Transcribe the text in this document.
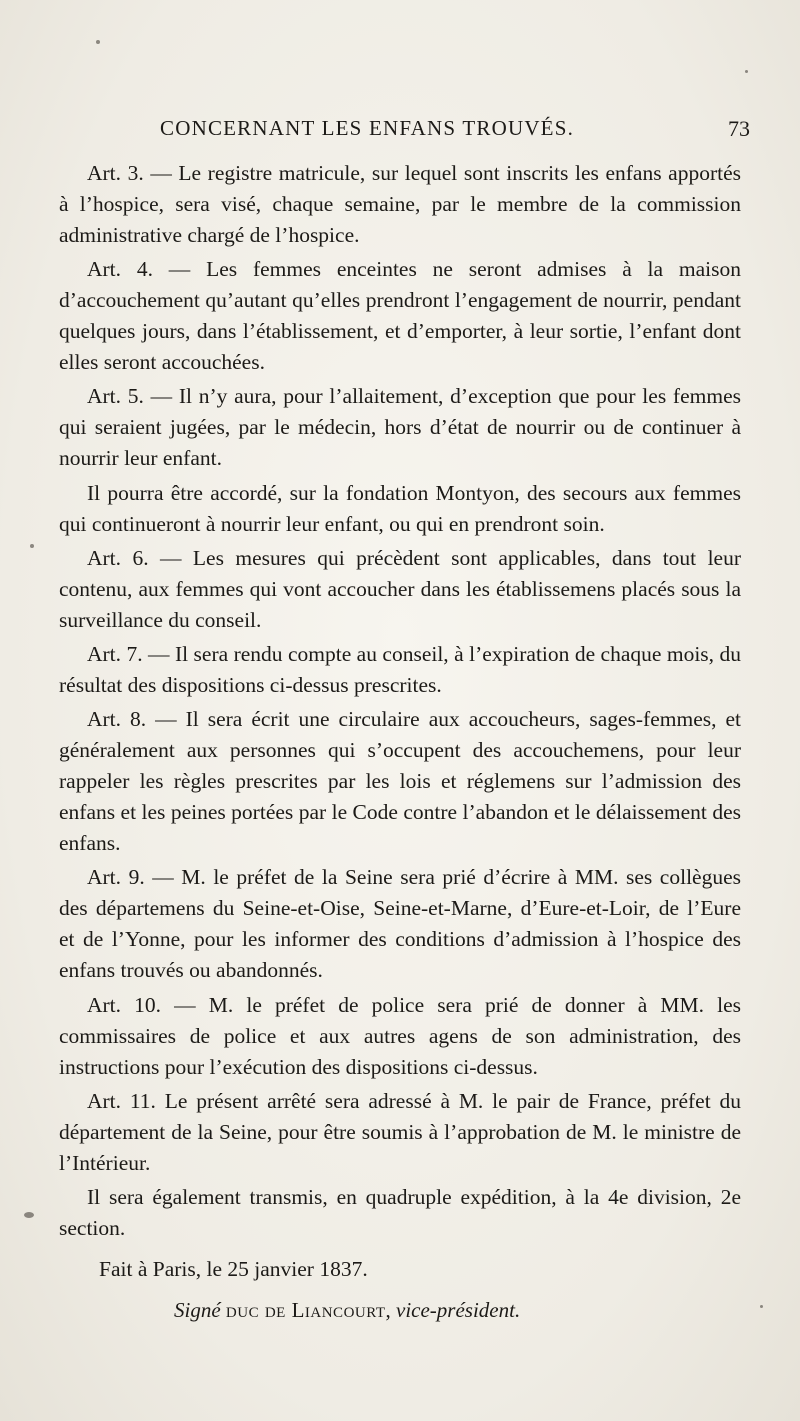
CONCERNANT LES ENFANS TROUVÉS.	73

Art. 3. — Le registre matricule, sur lequel sont inscrits les enfans apportés à l’hospice, sera visé, chaque semaine, par le membre de la commission administrative chargé de l’hospice.

Art. 4. — Les femmes enceintes ne seront admises à la maison d’accouchement qu’autant qu’elles prendront l’engagement de nourrir, pendant quelques jours, dans l’établissement, et d’emporter, à leur sortie, l’enfant dont elles seront accouchées.

Art. 5. — Il n’y aura, pour l’allaitement, d’exception que pour les femmes qui seraient jugées, par le médecin, hors d’état de nourrir ou de continuer à nourrir leur enfant.

Il pourra être accordé, sur la fondation Montyon, des secours aux femmes qui continueront à nourrir leur enfant, ou qui en prendront soin.

Art. 6. — Les mesures qui précèdent sont applicables, dans tout leur contenu, aux femmes qui vont accoucher dans les établissemens placés sous la surveillance du conseil.

Art. 7. — Il sera rendu compte au conseil, à l’expiration de chaque mois, du résultat des dispositions ci-dessus prescrites.

Art. 8. — Il sera écrit une circulaire aux accoucheurs, sages-femmes, et généralement aux personnes qui s’occupent des accouchemens, pour leur rappeler les règles prescrites par les lois et réglemens sur l’admission des enfans et les peines portées par le Code contre l’abandon et le délaissement des enfans.

Art. 9. — M. le préfet de la Seine sera prié d’écrire à MM. ses collègues des départemens du Seine-et-Oise, Seine-et-Marne, d’Eure-et-Loir, de l’Eure et de l’Yonne, pour les informer des conditions d’admission à l’hospice des enfans trouvés ou abandonnés.

Art. 10. — M. le préfet de police sera prié de donner à MM. les commissaires de police et aux autres agens de son administration, des instructions pour l’exécution des dispositions ci-dessus.

Art. 11. Le présent arrêté sera adressé à M. le pair de France, préfet du département de la Seine, pour être soumis à l’approbation de M. le ministre de l’Intérieur.

Il sera également transmis, en quadruple expédition, à la 4e division, 2e section.

Fait à Paris, le 25 janvier 1837.

Signé duc de Liancourt, vice-président.
